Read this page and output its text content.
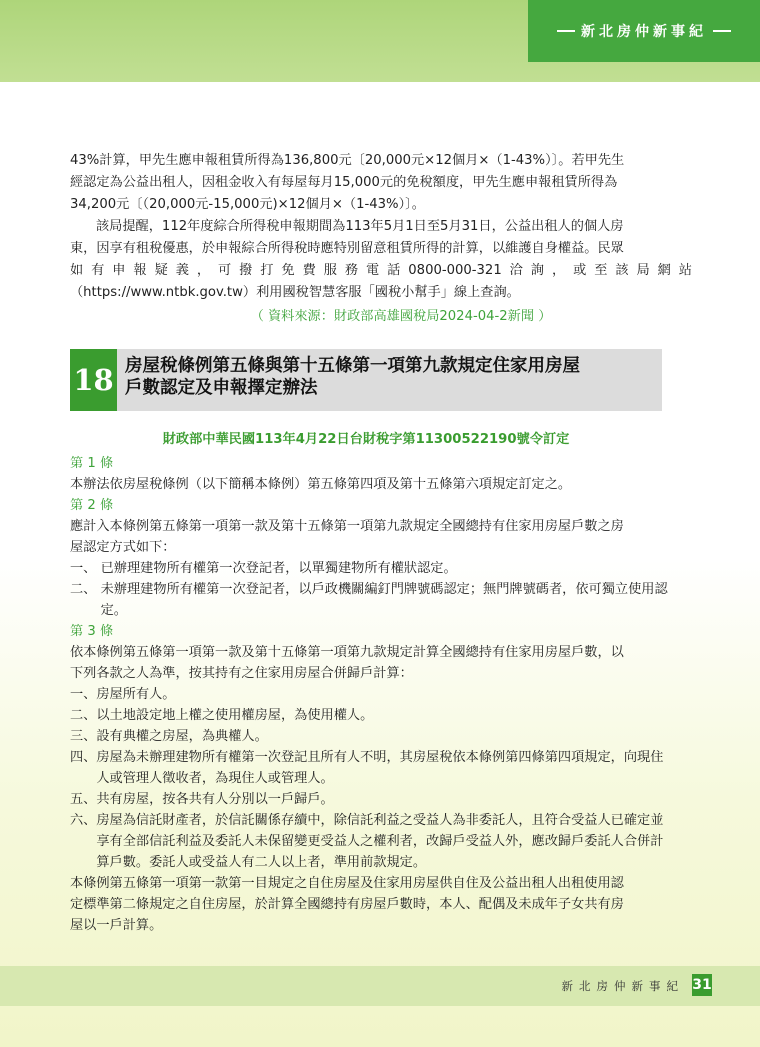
新北房仲新事紀
43%計算，甲先生應申報租賃所得為136,800元〔20,000元×12個月×（1-43%）〕。若甲先生
經認定為公益出租人，因租金收入有每屋每月15,000元的免稅額度，甲先生應申報租賃所得為
34,200元〔（20,000元-15,000元)×12個月×（1-43%）〕。
該局提醒，112年度綜合所得稅申報期間為113年5月1日至5月31日，公益出租人的個人房
東，因享有租稅優惠，於申報綜合所得稅時應特別留意租賃所得的計算，以維護自身權益。民眾
如有申報疑義，可撥打免費服務電話0800-000-321洽詢，或至該局網站
（https://www.ntbk.gov.tw）利用國稅智慧客服「國稅小幫手」線上查詢。
（ 資料來源：財政部高雄國稅局2024-04-2新聞 ）
18 房屋稅條例第五條與第十五條第一項第九款規定住家用房屋
戶數認定及申報擇定辦法
財政部中華民國113年4月22日台財稅字第11300522190號令訂定
第 1 條
本辦法依房屋稅條例（以下簡稱本條例）第五條第四項及第十五條第六項規定訂定之。
第 2 條
應計入本條例第五條第一項第一款及第十五條第一項第九款規定全國總持有住家用房屋戶數之房
屋認定方式如下：
一、 已辦理建物所有權第一次登記者，以單獨建物所有權狀認定。
二、 未辦理建物所有權第一次登記者，以戶政機關編釘門牌號碼認定；無門牌號碼者，依可獨立使用認定。
第 3 條
依本條例第五條第一項第一款及第十五條第一項第九款規定計算全國總持有住家用房屋戶數，以
下列各款之人為準，按其持有之住家用房屋合併歸戶計算：
一、 房屋所有人。
二、 以土地設定地上權之使用權房屋，為使用權人。
三、 設有典權之房屋，為典權人。
四、 房屋為未辦理建物所有權第一次登記且所有人不明，其房屋稅依本條例第四條第四項規定，向現住人或管理人徵收者，為現住人或管理人。
五、 共有房屋，按各共有人分別以一戶歸戶。
六、 房屋為信託財產者，於信託關係存續中，除信託利益之受益人為非委託人，且符合受益人已確定並享有全部信託利益及委託人未保留變更受益人之權利者，改歸戶受益人外，應改歸戶委託人合併計算戶數。委託人或受益人有二人以上者，準用前款規定。
本條例第五條第一項第一款第一目規定之自住房屋及住家用房屋供自住及公益出租人出租使用認
定標準第二條規定之自住房屋，於計算全國總持有房屋戶數時，本人、配偶及未成年子女共有房
屋以一戶計算。
新北房仲新事紀 31
